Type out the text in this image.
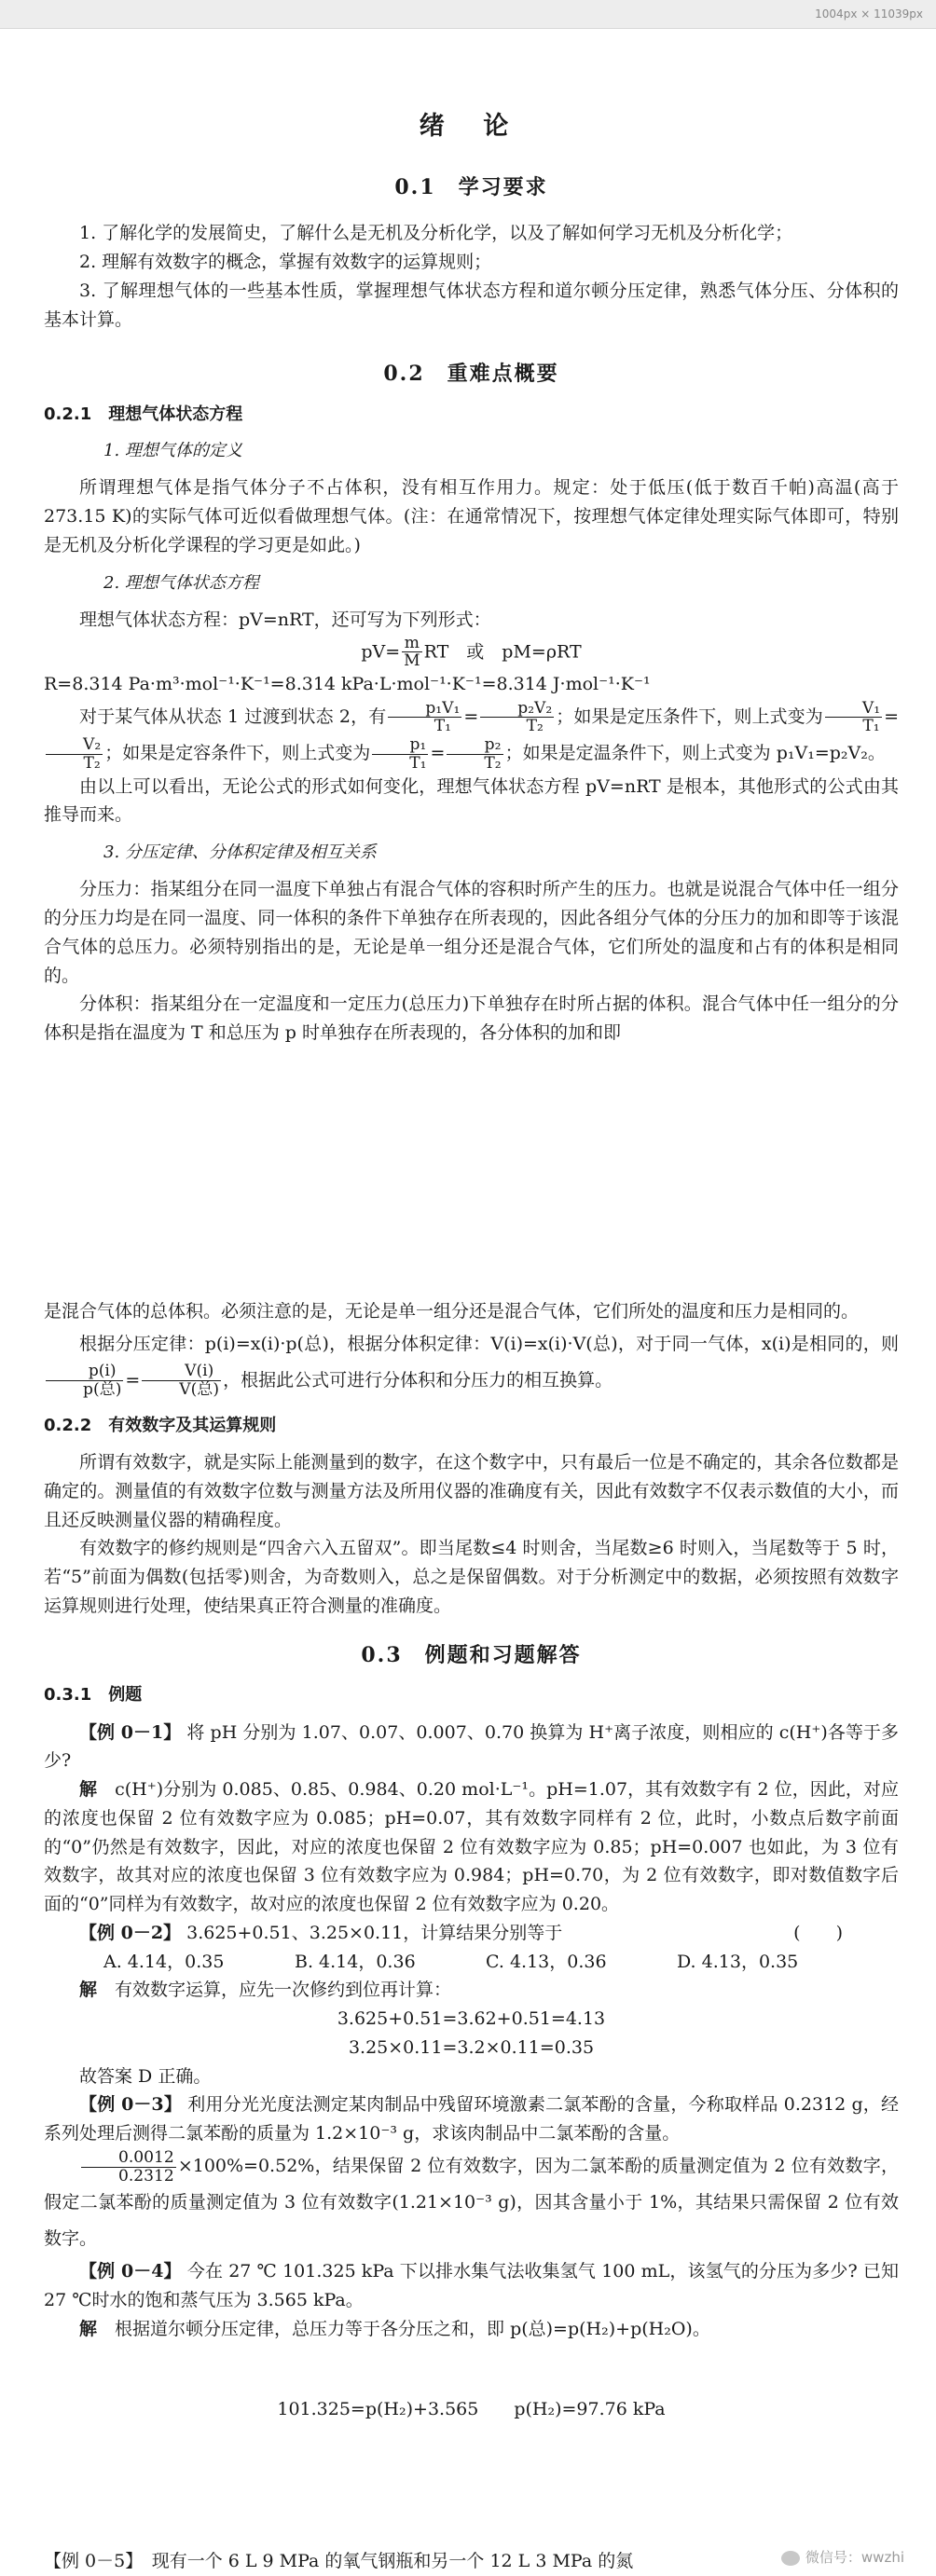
1004px × 11039px
绪 论
0.1　学习要求

1. 了解化学的发展简史，了解什么是无机及分析化学，以及了解如何学习无机及分析化学；

2. 理解有效数字的概念，掌握有效数字的运算规则；

3. 了解理想气体的一些基本性质，掌握理想气体状态方程和道尔顿分压定律，熟悉气体分压、分体积的基本计算。

0.2　重难点概要
0.2.1　理想气体状态方程
1. 理想气体的定义

所谓理想气体是指气体分子不占体积，没有相互作用力。规定：处于低压(低于数百千帕)高温(高于 273.15 K)的实际气体可近似看做理想气体。(注：在通常情况下，按理想气体定律处理实际气体即可，特别是无机及分析化学课程的学习更是如此。)

2. 理想气体状态方程

理想气体状态方程：pV=nRT，还可写为下列形式：

$pV= \frac{m}{M}$ RT　或　pM=ρRT

R=8.314 Pa·m³·mol⁻¹·K⁻¹=8.314 kPa·L·mol⁻¹·K⁻¹=8.314 J·mol⁻¹·K⁻¹

对于某气体从状态 1 过渡到状态 2，有 $\frac{\text{p₁V₁}}{\text{T₁}} = \frac{\text{p₂V₂}}{\text{T₂}}$ ；如果是定压条件下，则上式变为 $\frac{\text{V₁}}{\text{T₁}}$ =
$\frac{\text{V₂}}{\text{T₂}}$ ；如果是定容条件下，则上式变为 $\frac{\text{p₁}}{\text{T₁}} = \frac{\text{p₂}}{\text{T₂}}$ ；如果是定温条件下，则上式变为 p₁V₁=p₂V₂。

由以上可以看出，无论公式的形式如何变化，理想气体状态方程 pV=nRT 是根本，其他形式的公式由其推导而来。

3. 分压定律、分体积定律及相互关系

分压力：指某组分在同一温度下单独占有混合气体的容积时所产生的压力。也就是说混合气体中任一组分的分压力均是在同一温度、同一体积的条件下单独存在所表现的，因此各组分气体的分压力的加和即等于该混合气体的总压力。必须特别指出的是，无论是单一组分还是混合气体，它们所处的温度和占有的体积是相同的。

分体积：指某组分在一定温度和一定压力(总压力)下单独存在时所占据的体积。混合气体中任一组分的分体积是指在温度为 T 和总压为 p 时单独存在所表现的，各分体积的加和即

是混合气体的总体积。必须注意的是，无论是单一组分还是混合气体，它们所处的温度和压力是相同的。

根据分压定律：p(i)=x(i)·p(总)，根据分体积定律：V(i)=x(i)·V(总)，对于同一气体，x(i)是相同的，则
$\frac{p(i)}{\text{p(总)}} = \frac{V(i)}{\text{V(总)}}$ ，根据此公式可进行分体积和分压力的相互换算。

0.2.2　有效数字及其运算规则

所谓有效数字，就是实际上能测量到的数字，在这个数字中，只有最后一位是不确定的，其余各位数都是确定的。测量值的有效数字位数与测量方法及所用仪器的准确度有关，因此有效数字不仅表示数值的大小，而且还反映测量仪器的精确程度。

有效数字的修约规则是“四舍六入五留双”。即当尾数≤4 时则舍，当尾数≥6 时则入，当尾数等于 5 时，若“5”前面为偶数(包括零)则舍，为奇数则入，总之是保留偶数。对于分析测定中的数据，必须按照有效数字运算规则进行处理，使结果真正符合测量的准确度。

0.3　例题和习题解答
0.3.1　例题

【例 0－1】 将 pH 分别为 1.07、0.07、0.007、0.70 换算为 H⁺离子浓度，则相应的 c(H⁺)各等于多少?

解　 c(H⁺)分别为 0.085、0.85、0.984、0.20 mol·L⁻¹。pH=1.07，其有效数字有 2 位，因此，对应的浓度也保留 2 位有效数字应为 0.085；pH=0.07，其有效数字同样有 2 位，此时，小数点后数字前面的“0”仍然是有效数字，因此，对应的浓度也保留 2 位有效数字应为 0.85；pH=0.007 也如此，为 3 位有效数字，故其对应的浓度也保留 3 位有效数字应为 0.984；pH=0.70，为 2 位有效数字，即对数值数字后面的“0”同样为有效数字，故对应的浓度也保留 2 位有效数字应为 0.20。

【例 0－2】 3.625+0.51、3.25×0.11，计算结果分别等于	(　　)

A. 4.14，0.35	B. 4.14，0.36	C. 4.13，0.36	D. 4.13，0.35

解　 有效数字运算，应先一次修约到位再计算：

3.625+0.51=3.62+0.51=4.13

3.25×0.11=3.2×0.11=0.35

故答案 D 正确。

【例 0－3】 利用分光光度法测定某肉制品中残留环境激素二氯苯酚的含量，今称取样品 0.2312 g，经系列处理后测得二氯苯酚的质量为 1.2×10⁻³ g，求该肉制品中二氯苯酚的含量。

$\frac{0.0012}{0.2312} \times 100\%=0.52\%$，结果保留 2 位有效数字，因为二氯苯酚的质量测定值为 2 位有效数字，假定二氯苯酚的质量测定值为 3 位有效数字(1.21×10⁻³ g)，因其含量小于 1%，其结果只需保留 2 位有效数字。

【例 0－4】 今在 27 ℃ 101.325 kPa 下以排水集气法收集氢气 100 mL，该氢气的分压为多少? 已知 27 ℃时水的饱和蒸气压为 3.565 kPa。

解　 根据道尔顿分压定律，总压力等于各分压之和，即 p(总)=p(H₂)+p(H₂O)。

101.325=p(H₂)+3.565　　p(H₂)=97.76 kPa

【例 0－5】　现有一个 6 L 9 MPa 的氧气钢瓶和另一个 12 L 3 MPa 的氮	微信号：wwzhi
